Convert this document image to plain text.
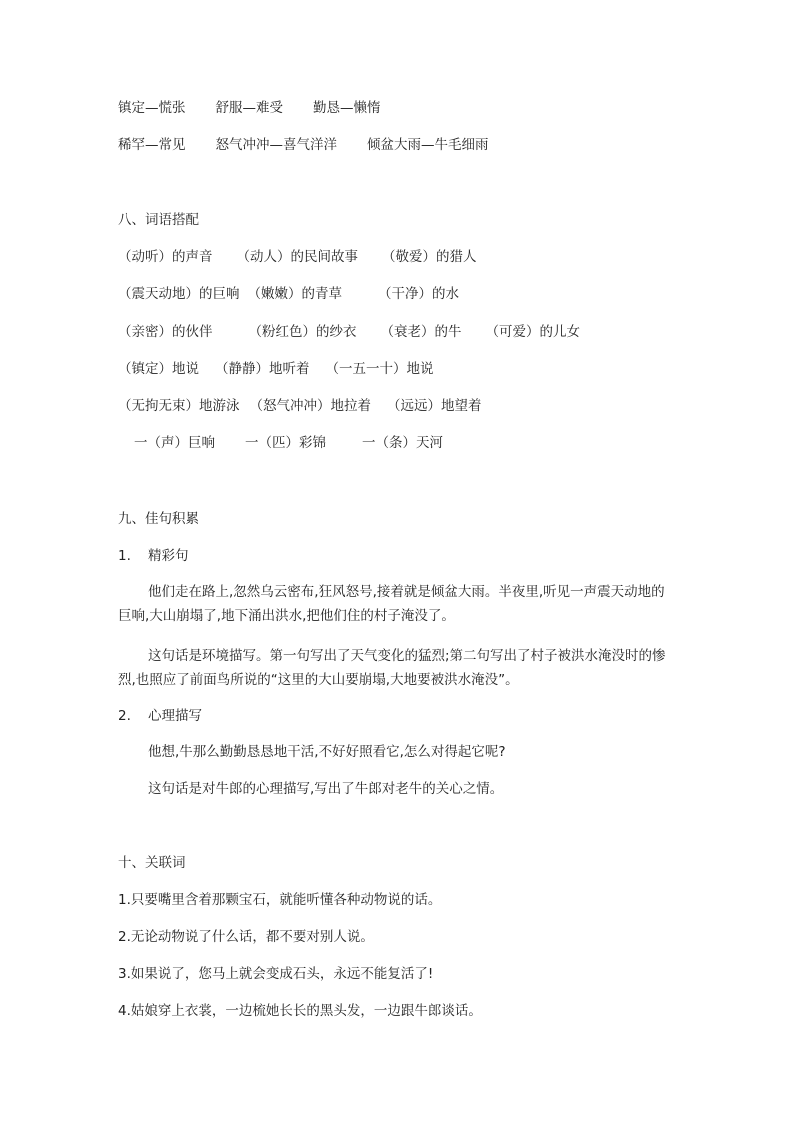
镇定—慌张 舒服—难受 勤恳—懒惰
稀罕—常见 怒气冲冲—喜气洋洋 倾盆大雨—牛毛细雨
八、词语搭配
（动听）的声音 （动人）的民间故事 （敬爱）的猎人
（震天动地）的巨响 （嫩嫩）的青草	（干净）的水
（亲密）的伙伴	（粉红色）的纱衣 （衰老）的牛 （可爱）的儿女
（镇定）地说 （静静）地听着 （一五一十）地说
（无拘无束）地游泳 （怒气冲冲）地拉着 （远远）地望着
一（声）巨响 一（匹）彩锦	一（条）天河
九、佳句积累
1. 精彩句
他们走在路上,忽然乌云密布,狂风怒号,接着就是倾盆大雨。半夜里,听见一声震天动地的巨响,大山崩塌了,地下涌出洪水,把他们住的村子淹没了。
这句话是环境描写。第一句写出了天气变化的猛烈;第二句写出了村子被洪水淹没时的惨烈,也照应了前面鸟所说的“这里的大山要崩塌,大地要被洪水淹没”。
2. 心理描写
他想,牛那么勤勤恳恳地干活,不好好照看它,怎么对得起它呢?
这句话是对牛郎的心理描写,写出了牛郎对老牛的关心之情。
十、关联词
1.只要嘴里含着那颗宝石，就能听懂各种动物说的话。
2.无论动物说了什么话，都不要对别人说。
3.如果说了，您马上就会变成石头，永远不能复活了!
4.姑娘穿上衣裳，一边梳她长长的黑头发，一边跟牛郎谈话。
